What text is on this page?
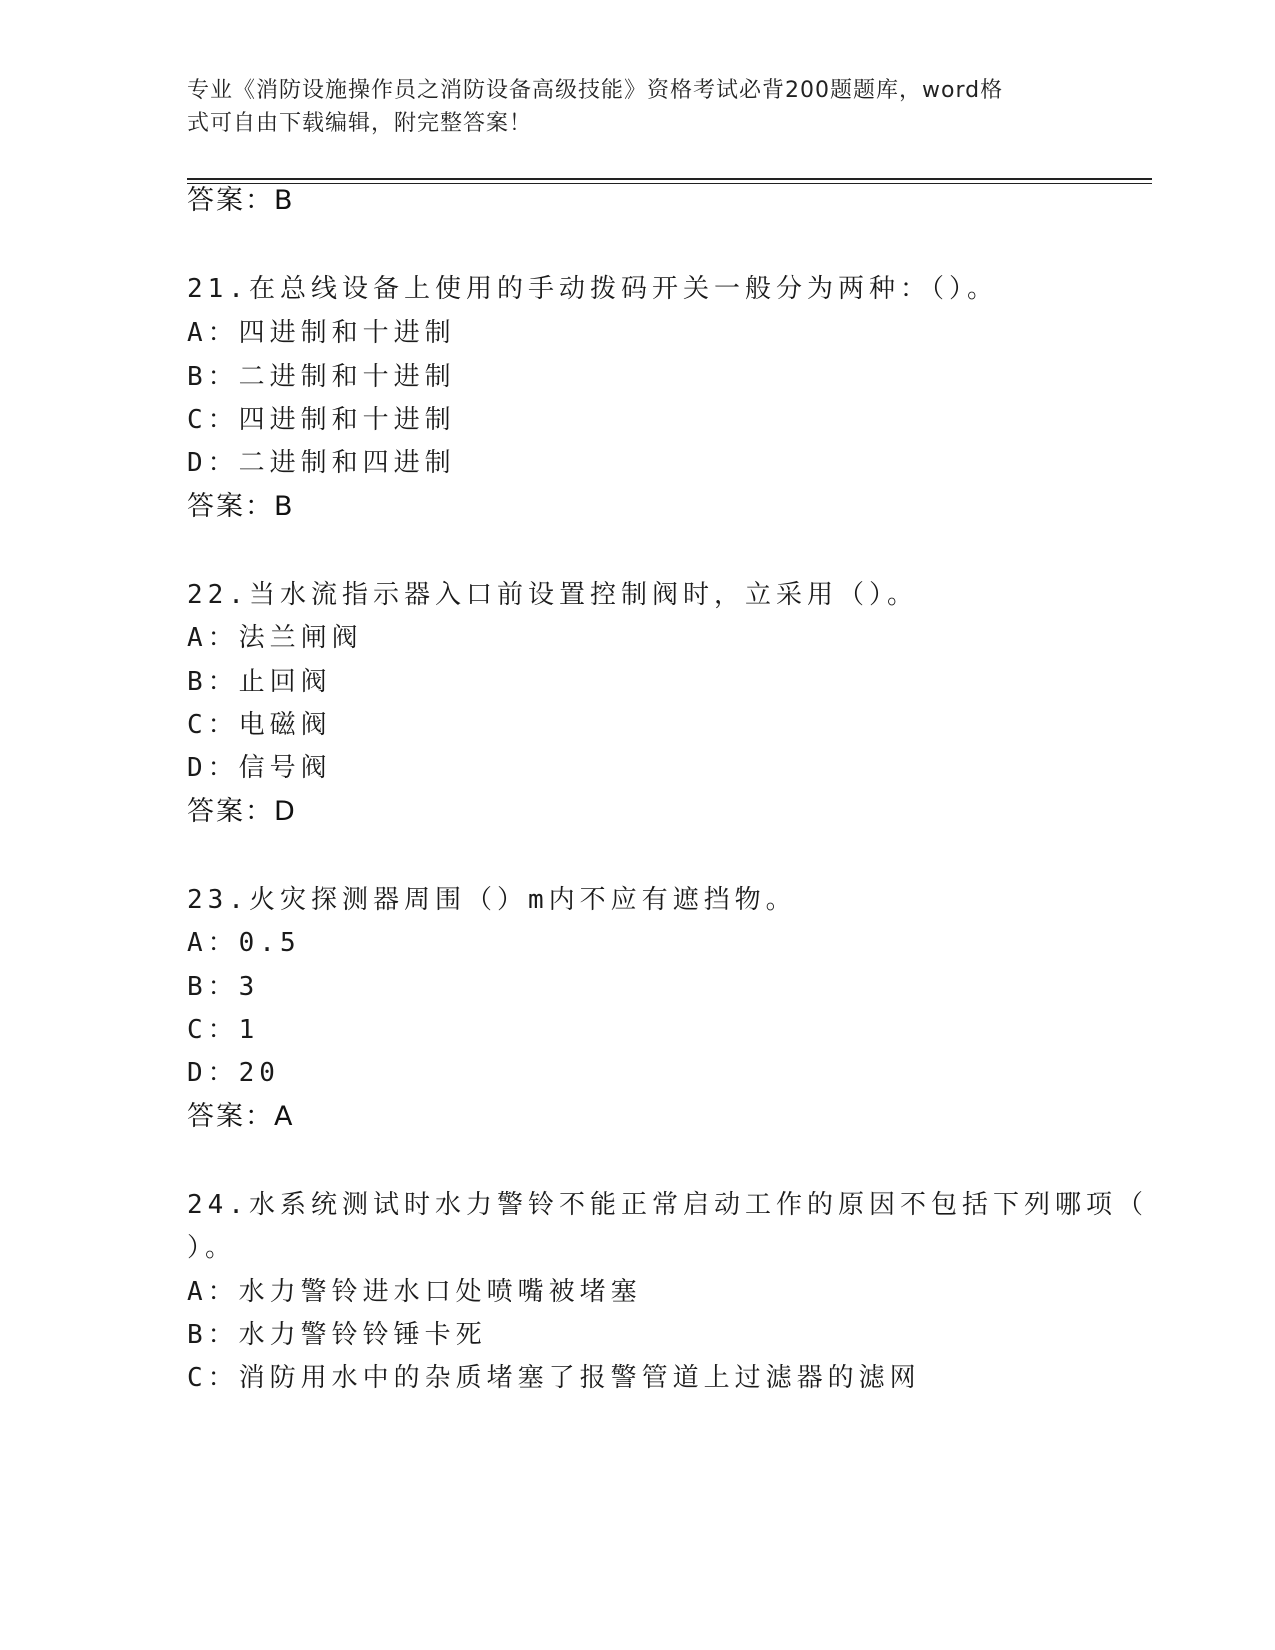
专业《消防设施操作员之消防设备高级技能》资格考试必背200题题库，word格
式可自由下载编辑，附完整答案！
答案：B
21.在总线设备上使用的手动拨码开关一般分为两种：（）。
A：四进制和十进制
B：二进制和十进制
C：四进制和十进制
D：二进制和四进制
答案：B
22.当水流指示器入口前设置控制阀时，立采用（）。
A：法兰闸阀
B：止回阀
C：电磁阀
D：信号阀
答案：D
23.火灾探测器周围（）m内不应有遮挡物。
A：0.5
B：3
C：1
D：20
答案：A
24.水系统测试时水力警铃不能正常启动工作的原因不包括下列哪项（
）。
A：水力警铃进水口处喷嘴被堵塞
B：水力警铃铃锤卡死
C：消防用水中的杂质堵塞了报警管道上过滤器的滤网
